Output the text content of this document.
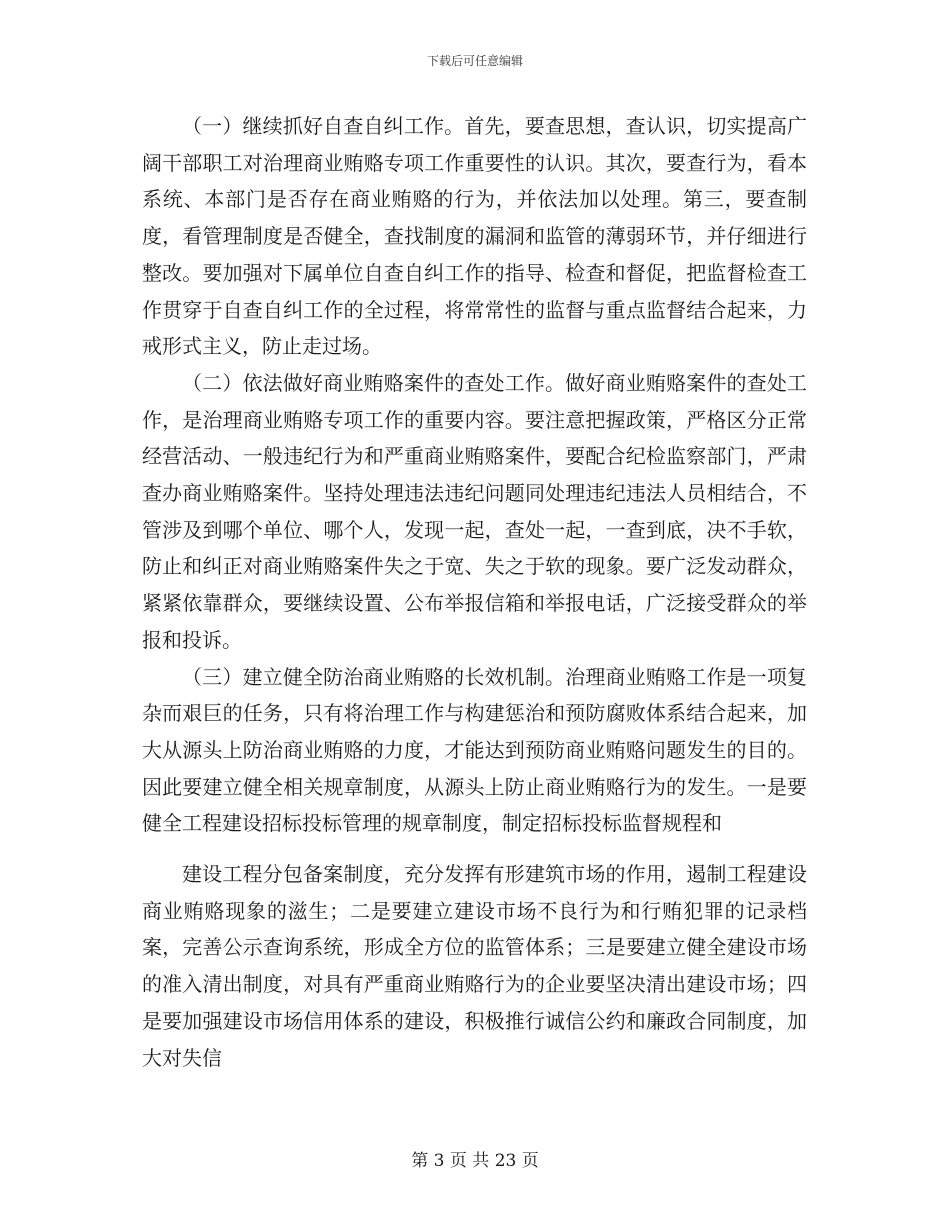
下载后可任意编辑

（一）继续抓好自查自纠工作。首先，要查思想，查认识，切实提高广阔干部职工对治理商业贿赂专项工作重要性的认识。其次，要查行为，看本系统、本部门是否存在商业贿赂的行为，并依法加以处理。第三，要查制度，看管理制度是否健全，查找制度的漏洞和监管的薄弱环节，并仔细进行整改。要加强对下属单位自查自纠工作的指导、检查和督促，把监督检查工作贯穿于自查自纠工作的全过程，将常常性的监督与重点监督结合起来，力戒形式主义，防止走过场。

（二）依法做好商业贿赂案件的查处工作。做好商业贿赂案件的查处工作，是治理商业贿赂专项工作的重要内容。要注意把握政策，严格区分正常经营活动、一般违纪行为和严重商业贿赂案件，要配合纪检监察部门，严肃查办商业贿赂案件。坚持处理违法违纪问题同处理违纪违法人员相结合，不管涉及到哪个单位、哪个人，发现一起，查处一起，一查到底，决不手软，防止和纠正对商业贿赂案件失之于宽、失之于软的现象。要广泛发动群众，紧紧依靠群众，要继续设置、公布举报信箱和举报电话，广泛接受群众的举报和投诉。

（三）建立健全防治商业贿赂的长效机制。治理商业贿赂工作是一项复杂而艰巨的任务，只有将治理工作与构建惩治和预防腐败体系结合起来，加大从源头上防治商业贿赂的力度，才能达到预防商业贿赂问题发生的目的。因此要建立健全相关规章制度，从源头上防止商业贿赂行为的发生。一是要健全工程建设招标投标管理的规章制度，制定招标投标监督规程和

建设工程分包备案制度，充分发挥有形建筑市场的作用，遏制工程建设商业贿赂现象的滋生；二是要建立建设市场不良行为和行贿犯罪的记录档案，完善公示查询系统，形成全方位的监管体系；三是要建立健全建设市场的准入清出制度，对具有严重商业贿赂行为的企业要坚决清出建设市场；四是要加强建设市场信用体系的建设，积极推行诚信公约和廉政合同制度，加大对失信

第 3 页 共 23 页
